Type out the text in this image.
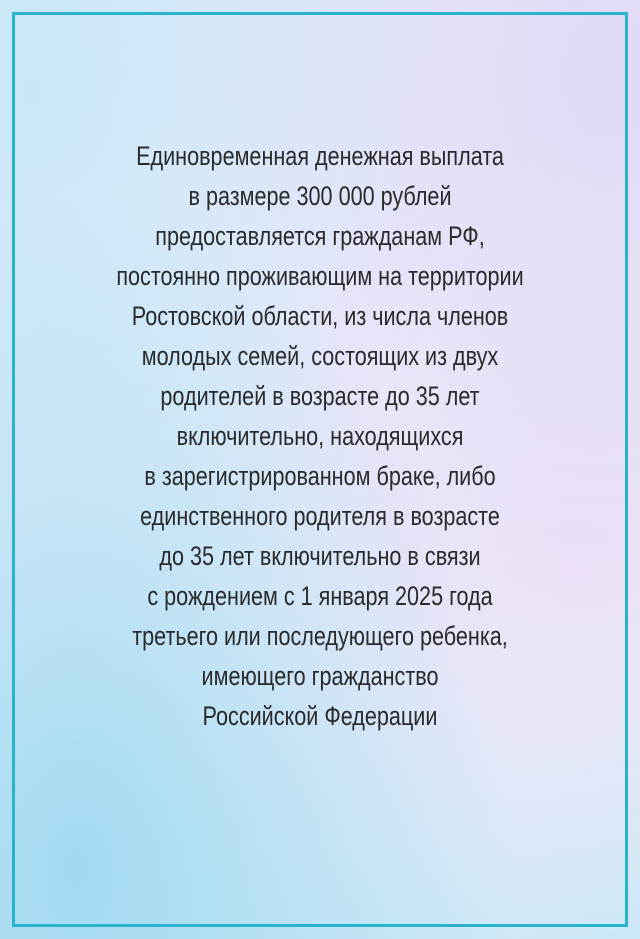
Единовременная денежная выплата
в размере 300 000 рублей
предоставляется гражданам РФ,
постоянно проживающим на территории
Ростовской области, из числа членов
молодых семей, состоящих из двух
родителей в возрасте до 35 лет
включительно, находящихся
в зарегистрированном браке, либо
единственного родителя в возрасте
до 35 лет включительно в связи
с рождением с 1 января 2025 года
третьего или последующего ребенка,
имеющего гражданство
Российской Федерации
